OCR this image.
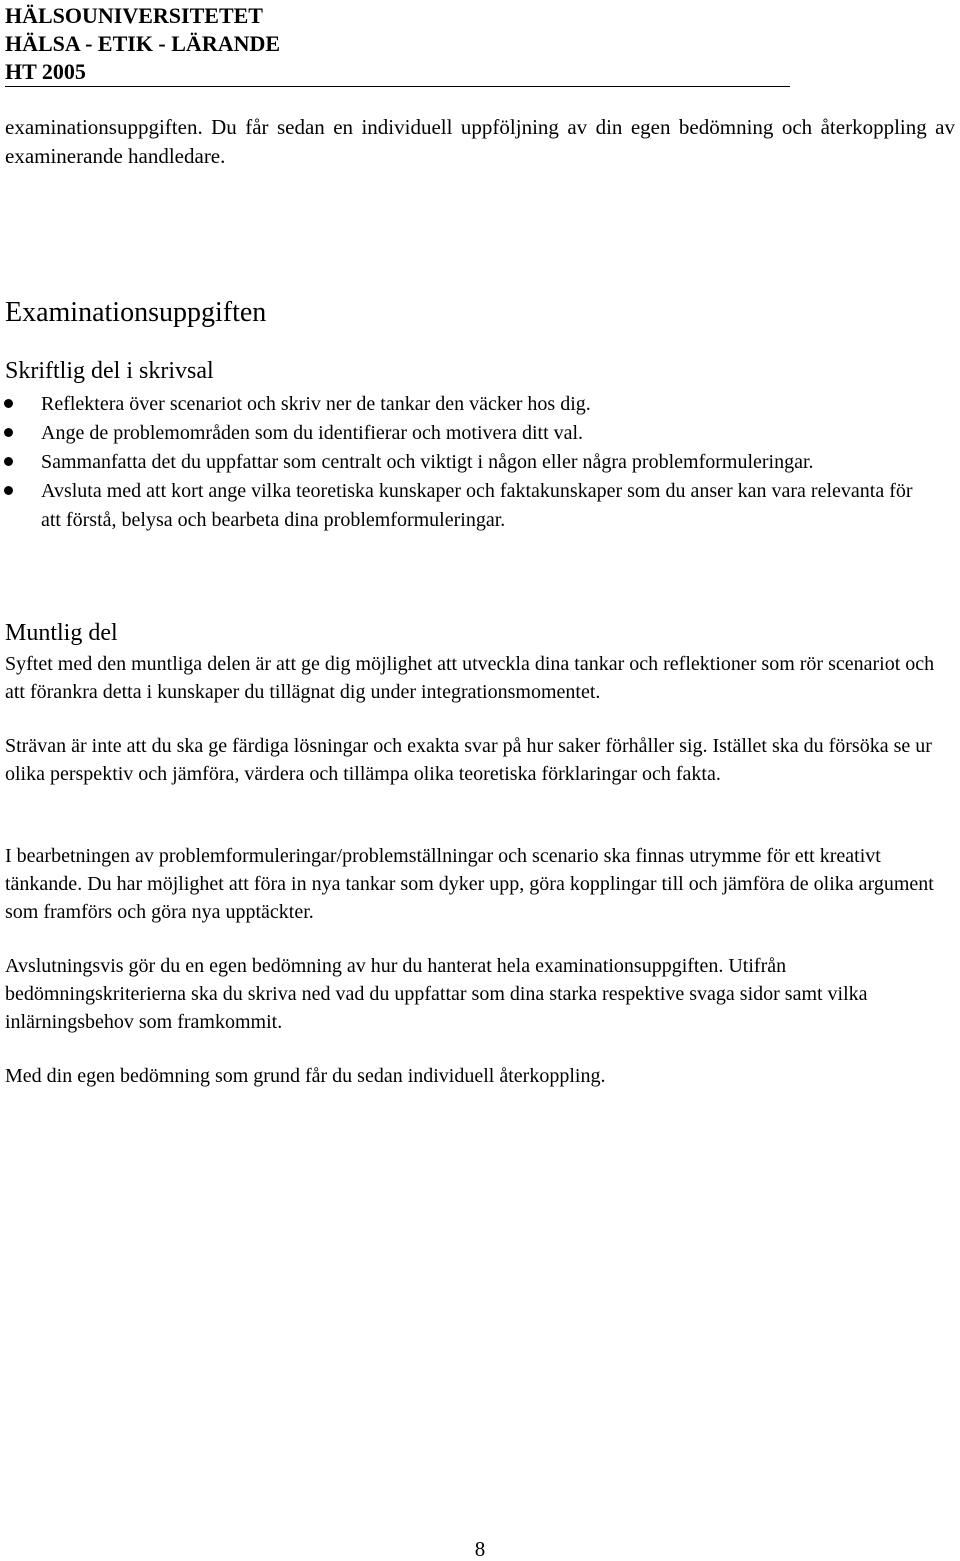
HÄLSOUNIVERSITETET
HÄLSA - ETIK - LÄRANDE
HT 2005
examinationsuppgiften. Du får sedan en individuell uppföljning av din egen bedömning och återkoppling av examinerande handledare.
Examinationsuppgiften
Skriftlig del i skrivsal
Reflektera över scenariot och skriv ner de tankar den väcker hos dig.
Ange de problemområden som du identifierar och motivera ditt val.
Sammanfatta det du uppfattar som centralt och viktigt i någon eller några problemformuleringar.
Avsluta med att kort ange vilka teoretiska kunskaper och faktakunskaper som du anser kan vara relevanta för att förstå, belysa och bearbeta dina problemformuleringar.
Muntlig del

Syftet med den muntliga delen är att ge dig möjlighet att utveckla dina tankar och reflektioner som rör scenariot och att förankra detta i kunskaper du tillägnat dig under integrationsmomentet.

Strävan är inte att du ska ge färdiga lösningar och exakta svar på hur saker förhåller sig. Istället ska du försöka se ur olika perspektiv och jämföra, värdera och tillämpa olika teoretiska förklaringar och fakta.

I bearbetningen av problemformuleringar/problemställningar och scenario ska finnas utrymme för ett kreativt tänkande. Du har möjlighet att föra in nya tankar som dyker upp, göra kopplingar till och jämföra de olika argument som framförs och göra nya upptäckter.

Avslutningsvis gör du en egen bedömning av hur du hanterat hela examinationsuppgiften. Utifrån bedömningskriterierna ska du skriva ned vad du uppfattar som dina starka respektive svaga sidor samt vilka inlärningsbehov som framkommit.

Med din egen bedömning som grund får du sedan individuell återkoppling.

8
